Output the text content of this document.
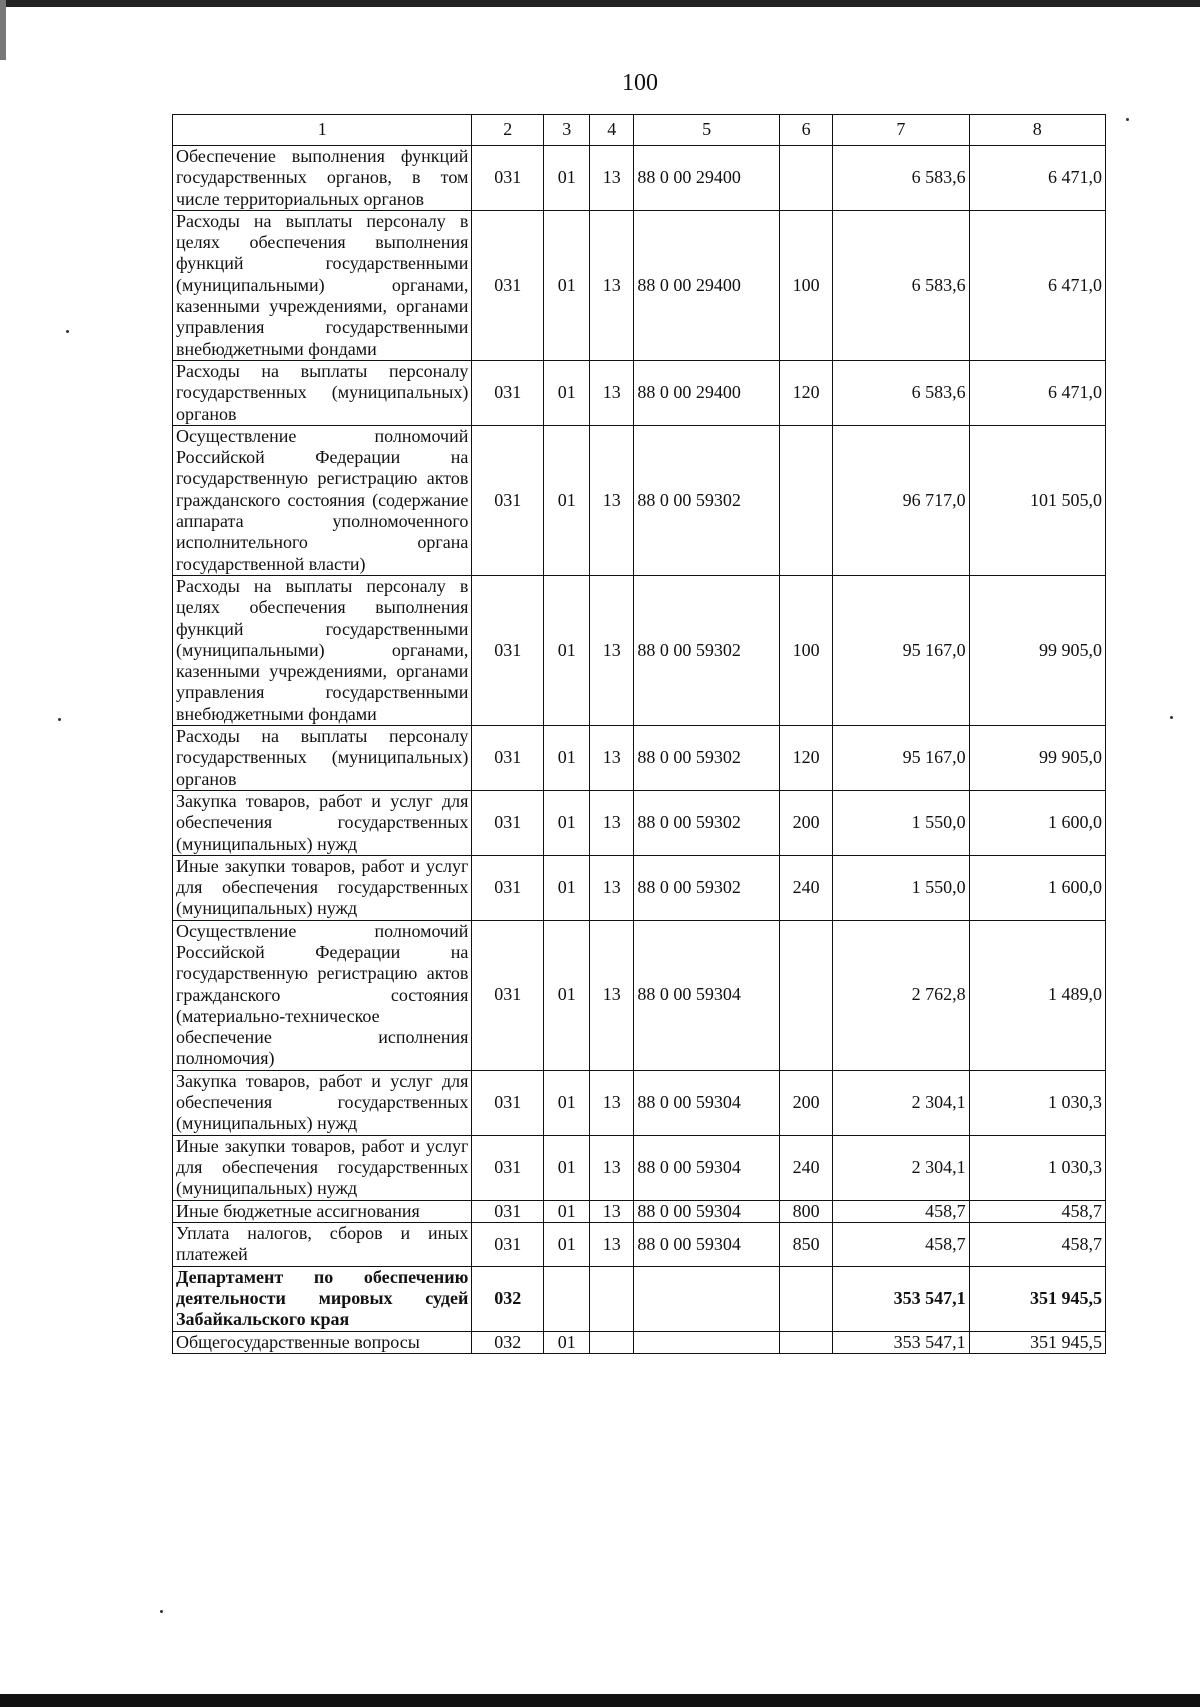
100
1	2	3	4	5	6	7	8
Обеспечение выполнения функций государственных органов, в том числе территориальных органов	031	01	13	88 0 00 29400		6 583,6	6 471,0
Расходы на выплаты персоналу в целях обеспечения выполнения функций государственными (муниципальными) органами, казенными учреждениями, органами управления государственными внебюджетными фондами	031	01	13	88 0 00 29400	100	6 583,6	6 471,0
Расходы на выплаты персоналу государственных (муниципальных) органов	031	01	13	88 0 00 29400	120	6 583,6	6 471,0
Осуществление полномочий Российской Федерации на государственную регистрацию актов гражданского состояния (содержание аппарата уполномоченного исполнительного органа государственной власти)	031	01	13	88 0 00 59302		96 717,0	101 505,0
Расходы на выплаты персоналу в целях обеспечения выполнения функций государственными (муниципальными) органами, казенными учреждениями, органами управления государственными внебюджетными фондами	031	01	13	88 0 00 59302	100	95 167,0	99 905,0
Расходы на выплаты персоналу государственных (муниципальных) органов	031	01	13	88 0 00 59302	120	95 167,0	99 905,0
Закупка товаров, работ и услуг для обеспечения государственных (муниципальных) нужд	031	01	13	88 0 00 59302	200	1 550,0	1 600,0
Иные закупки товаров, работ и услуг для обеспечения государственных (муниципальных) нужд	031	01	13	88 0 00 59302	240	1 550,0	1 600,0
Осуществление полномочий Российской Федерации на государственную регистрацию актов гражданского состояния (материально-техническое обеспечение исполнения полномочия)	031	01	13	88 0 00 59304		2 762,8	1 489,0
Закупка товаров, работ и услуг для обеспечения государственных (муниципальных) нужд	031	01	13	88 0 00 59304	200	2 304,1	1 030,3
Иные закупки товаров, работ и услуг для обеспечения государственных (муниципальных) нужд	031	01	13	88 0 00 59304	240	2 304,1	1 030,3
Иные бюджетные ассигнования	031	01	13	88 0 00 59304	800	458,7	458,7
Уплата налогов, сборов и иных платежей	031	01	13	88 0 00 59304	850	458,7	458,7
Департамент по обеспечению деятельности мировых судей Забайкальского края	032					353 547,1	351 945,5
Общегосударственные вопросы	032	01				353 547,1	351 945,5
